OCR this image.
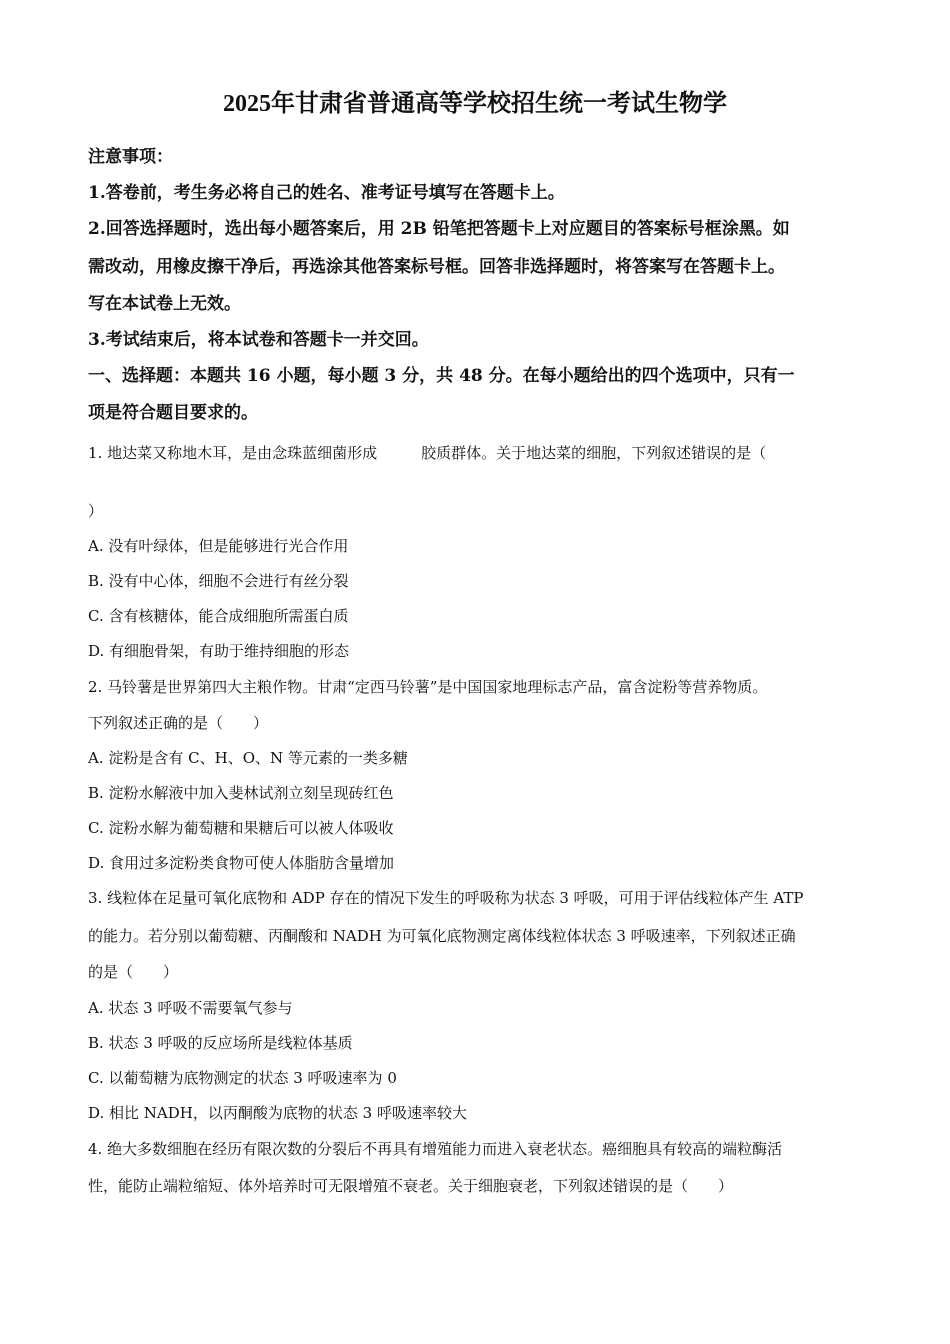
2025年甘肃省普通高等学校招生统一考试生物学
注意事项：
1.答卷前，考生务必将自己的姓名、准考证号填写在答题卡上。
2.回答选择题时，选出每小题答案后，用 2B 铅笔把答题卡上对应题目的答案标号框涂黑。如
需改动，用橡皮擦干净后，再选涂其他答案标号框。回答非选择题时，将答案写在答题卡上。
写在本试卷上无效。
3.考试结束后，将本试卷和答题卡一并交回。
一、选择题：本题共 16 小题，每小题 3 分，共 48 分。在每小题给出的四个选项中，只有一
项是符合题目要求的。
1. 地达菜又称地木耳，是由念珠蓝细菌形成	胶质群体。关于地达菜的细胞，下列叙述错误的是（
）
A. 没有叶绿体，但是能够进行光合作用
B. 没有中心体，细胞不会进行有丝分裂
C. 含有核糖体，能合成细胞所需蛋白质
D. 有细胞骨架，有助于维持细胞的形态
2. 马铃薯是世界第四大主粮作物。甘肃“定西马铃薯”是中国国家地理标志产品，富含淀粉等营养物质。
下列叙述正确的是（　　）
A. 淀粉是含有 C、H、O、N 等元素的一类多糖
B. 淀粉水解液中加入斐林试剂立刻呈现砖红色
C. 淀粉水解为葡萄糖和果糖后可以被人体吸收
D. 食用过多淀粉类食物可使人体脂肪含量增加
3. 线粒体在足量可氧化底物和 ADP 存在的情况下发生的呼吸称为状态 3 呼吸，可用于评估线粒体产生 ATP
的能力。若分别以葡萄糖、丙酮酸和 NADH 为可氧化底物测定离体线粒体状态 3 呼吸速率，下列叙述正确
的是（　　）
A. 状态 3 呼吸不需要氧气参与
B. 状态 3 呼吸的反应场所是线粒体基质
C. 以葡萄糖为底物测定的状态 3 呼吸速率为 0
D. 相比 NADH，以丙酮酸为底物的状态 3 呼吸速率较大
4. 绝大多数细胞在经历有限次数的分裂后不再具有增殖能力而进入衰老状态。癌细胞具有较高的端粒酶活
性，能防止端粒缩短、体外培养时可无限增殖不衰老。关于细胞衰老，下列叙述错误的是（　　）
